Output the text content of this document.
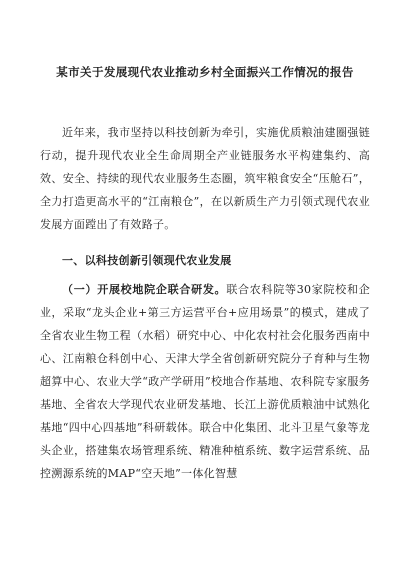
某市关于发展现代农业推动乡村全面振兴工作情况的报告

近年来，我市坚持以科技创新为牵引，实施优质粮油建圈强链行动，提升现代农业全生命周期全产业链服务水平构建集约、高效、安全、持续的现代农业服务生态圈，筑牢粮食安全“压舱石”，全力打造更高水平的“江南粮仓”，在以新质生产力引领式现代农业发展方面蹚出了有效路子。

一、以科技创新引领现代农业发展

（一）开展校地院企联合研发。联合农科院等30家院校和企业，采取“龙头企业+第三方运营平台+应用场景”的模式，建成了全省农业生物工程（水稻）研究中心、中化农村社会化服务西南中心、江南粮仓科创中心、天津大学全省创新研究院分子育种与生物超算中心、农业大学“政产学研用”校地合作基地、农科院专家服务基地、全省农大学现代农业研发基地、长江上游优质粮油中试熟化基地“四中心四基地”科研载体。联合中化集团、北斗卫星气象等龙头企业，搭建集农场管理系统、精准种植系统、数字运营系统、品控溯源系统的MAP“空天地”一体化智慧
